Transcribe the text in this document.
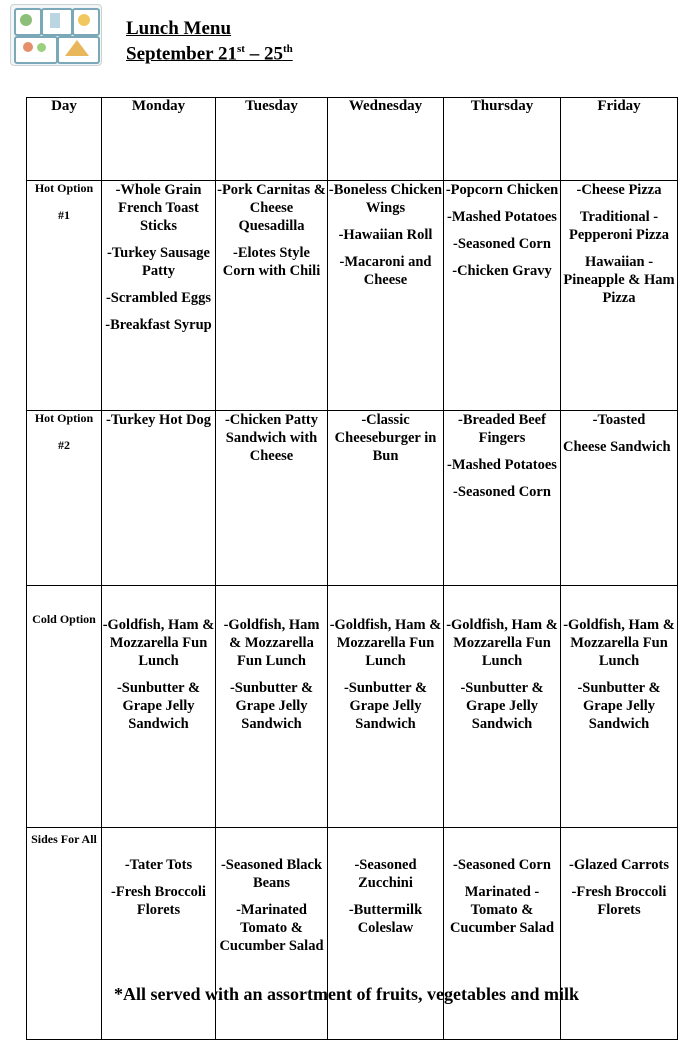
Lunch Menu
September 21st – 25th
Day	Monday	Tuesday	Wednesday	Thursday	Friday
Hot Option
#1	-Whole Grain French Toast Sticks
-Turkey Sausage Patty
-Scrambled Eggs
-Breakfast Syrup	-Pork Carnitas & Cheese Quesadilla
-Elotes Style Corn with Chili	-Boneless Chicken Wings
-Hawaiian Roll
-Macaroni and Cheese	-Popcorn Chicken
-Mashed Potatoes
-Seasoned Corn
-Chicken Gravy	-Cheese Pizza
Traditional - Pepperoni Pizza
Hawaiian - Pineapple & Ham Pizza

Hot Option
#2	-Turkey Hot Dog	-Chicken Patty Sandwich with Cheese	-Classic Cheeseburger in Bun	-Breaded Beef Fingers
-Mashed Potatoes
-Seasoned Corn	-Toasted
Cheese Sandwich

Cold Option	-Goldfish, Ham & Mozzarella Fun Lunch
-Sunbutter & Grape Jelly Sandwich	-Goldfish, Ham & Mozzarella Fun Lunch
-Sunbutter & Grape Jelly Sandwich	-Goldfish, Ham & Mozzarella Fun Lunch
-Sunbutter & Grape Jelly Sandwich	-Goldfish, Ham & Mozzarella Fun Lunch
-Sunbutter & Grape Jelly Sandwich	-Goldfish, Ham & Mozzarella Fun Lunch
-Sunbutter & Grape Jelly Sandwich

Sides For All	-Tater Tots
-Fresh Broccoli Florets	-Seasoned Black Beans
-Marinated Tomato & Cucumber Salad	-Seasoned Zucchini
-Buttermilk Coleslaw	-Seasoned Corn
Marinated - Tomato & Cucumber Salad	-Glazed Carrots
-Fresh Broccoli Florets

*All served with an assortment of fruits, vegetables and milk
